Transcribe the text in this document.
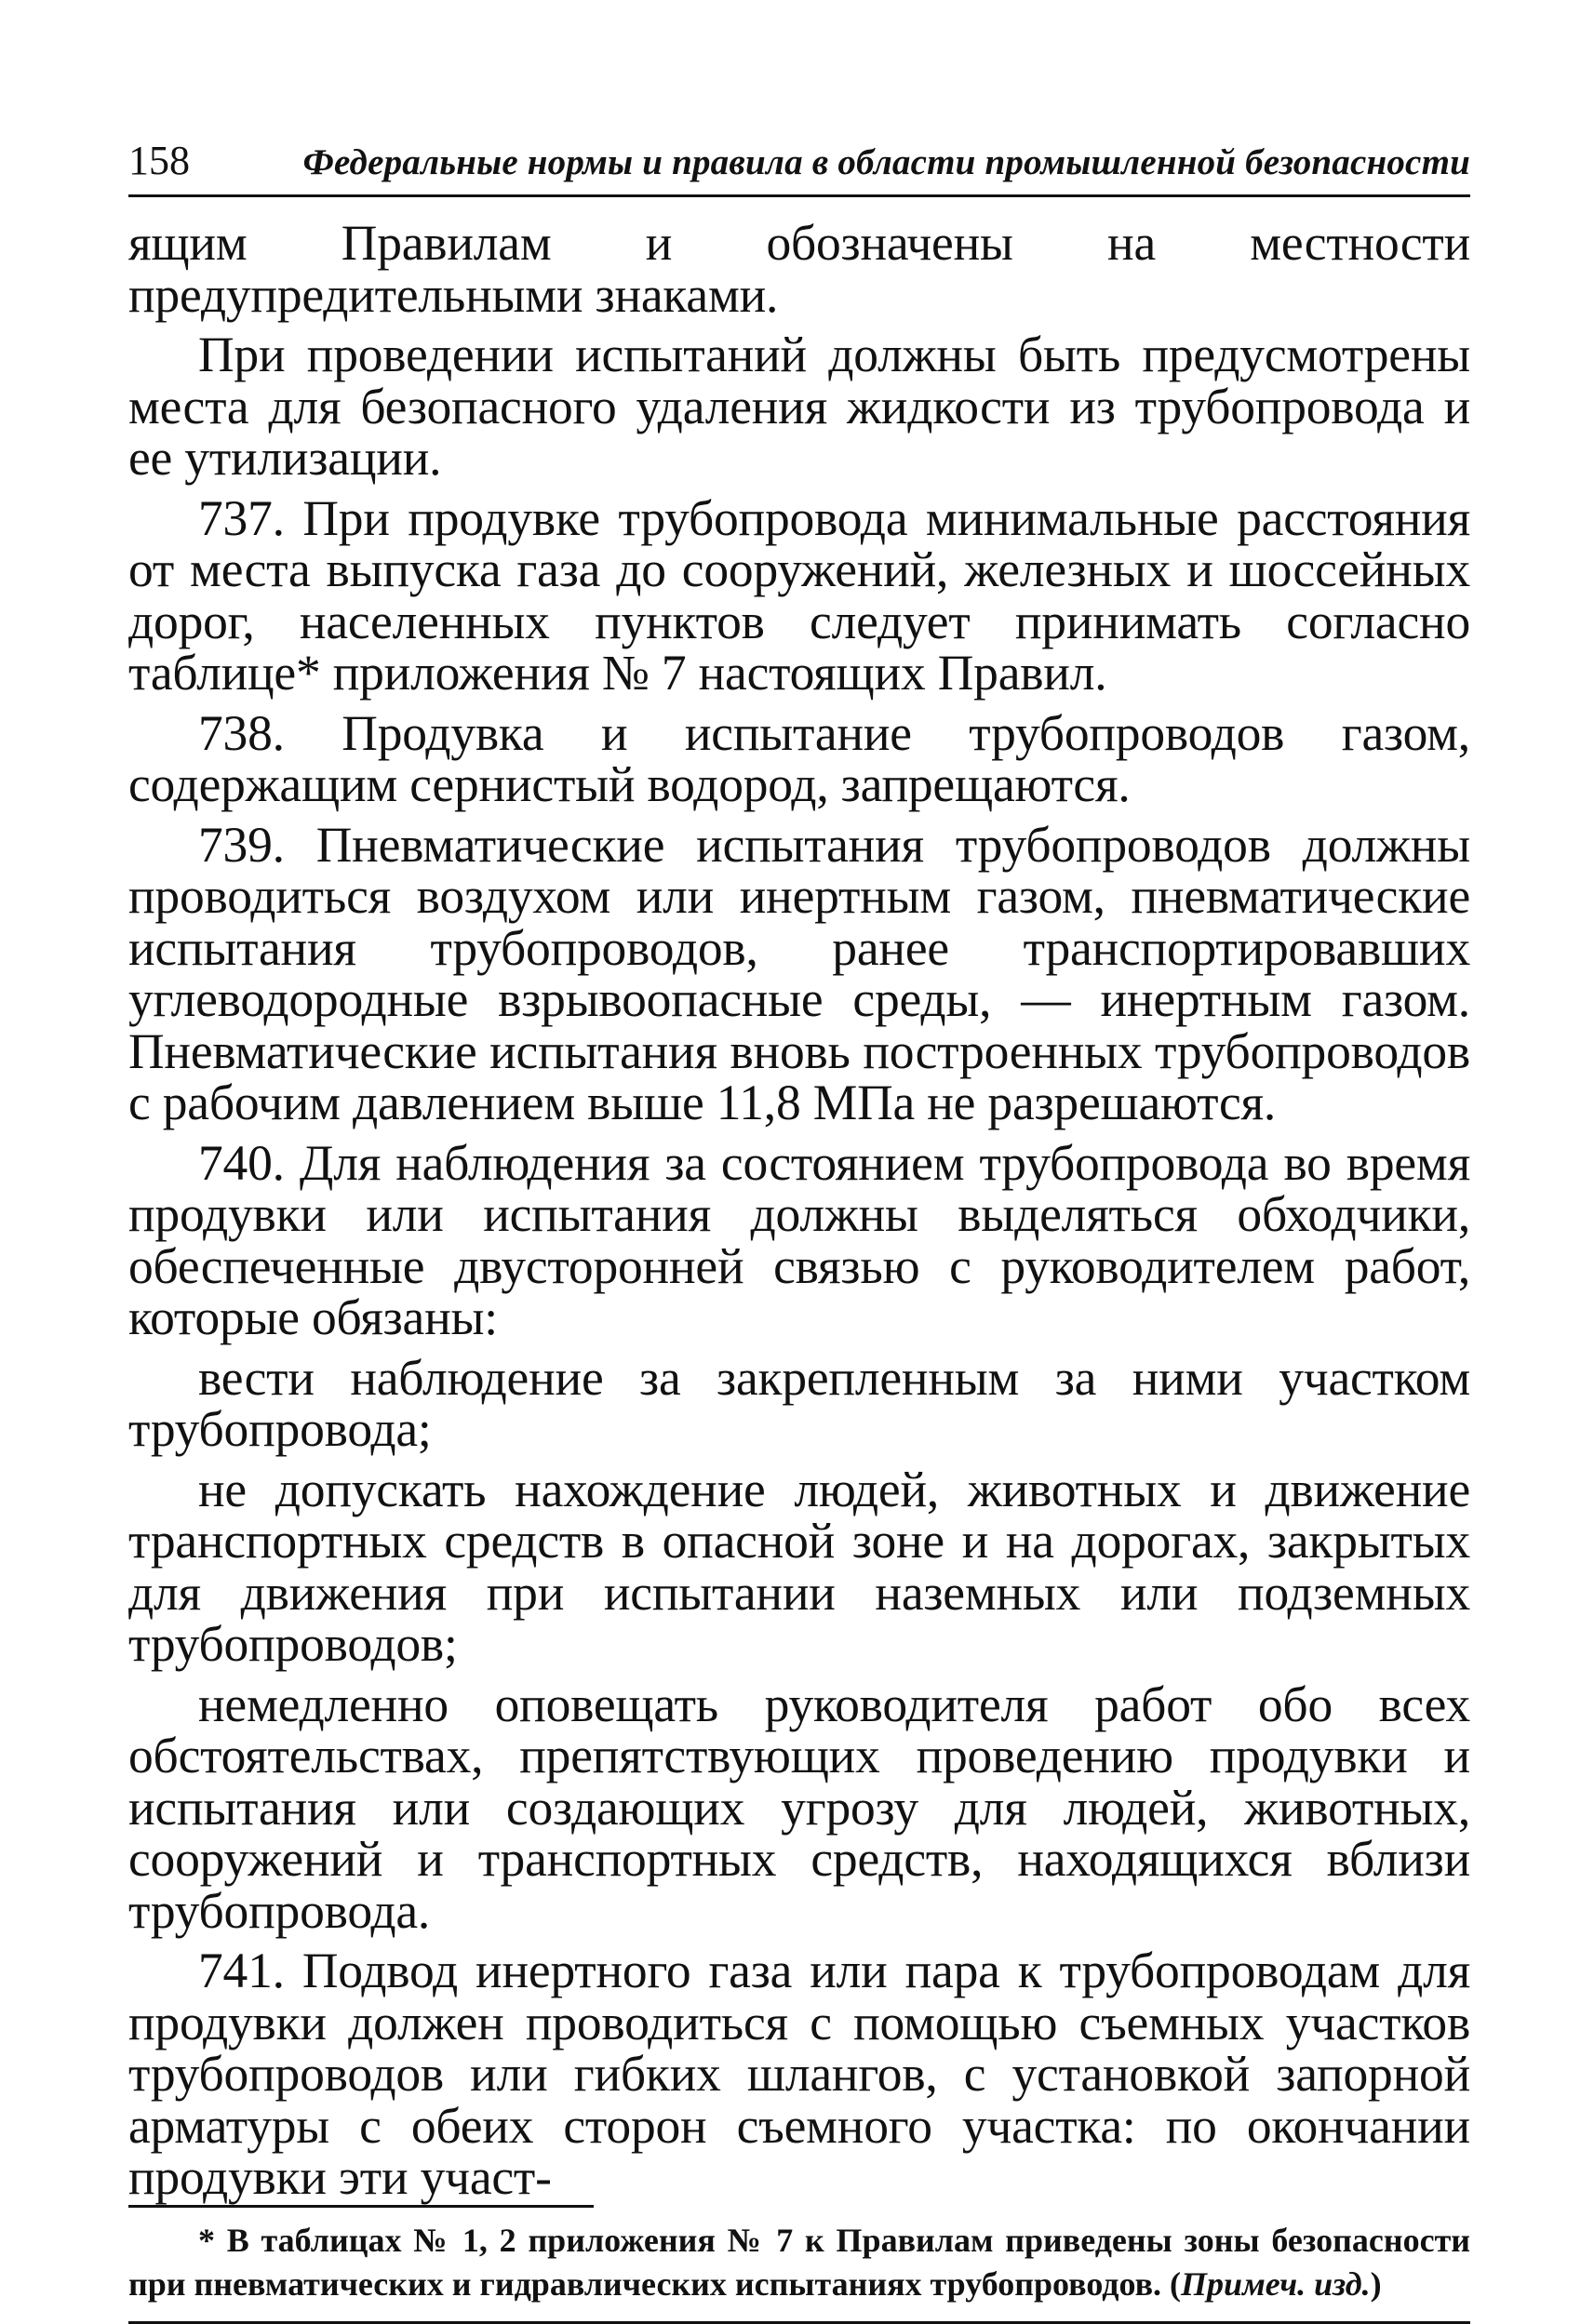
158	Федеральные нормы и правила в области промышленной безопасности

ящим Правилам и обозначены на местности предупредительными знаками.

При проведении испытаний должны быть предусмотрены места для безопасного удаления жидкости из трубопровода и ее утилизации.

737. При продувке трубопровода минимальные расстояния от места выпуска газа до сооружений, железных и шоссейных дорог, населенных пунктов следует принимать согласно таблице* приложения № 7 настоящих Правил.

738. Продувка и испытание трубопроводов газом, содержащим сернистый водород, запрещаются.

739. Пневматические испытания трубопроводов должны проводиться воздухом или инертным газом, пневматические испытания трубопроводов, ранее транспортировавших углеводородные взрывоопасные среды, — инертным газом. Пневматические испытания вновь построенных трубопроводов с рабочим давлением выше 11,8 МПа не разрешаются.

740. Для наблюдения за состоянием трубопровода во время продувки или испытания должны выделяться обходчики, обеспеченные двусторонней связью с руководителем работ, которые обязаны:

вести наблюдение за закрепленным за ними участком трубопровода;

не допускать нахождение людей, животных и движение транспортных средств в опасной зоне и на дорогах, закрытых для движения при испытании наземных или подземных трубопроводов;

немедленно оповещать руководителя работ обо всех обстоятельствах, препятствующих проведению продувки и испытания или создающих угрозу для людей, животных, сооружений и транспортных средств, находящихся вблизи трубопровода.

741. Подвод инертного газа или пара к трубопроводам для продувки должен проводиться с помощью съемных участков трубопроводов или гибких шлангов, с установкой запорной арматуры с обеих сторон съемного участка: по окончании продувки эти участ-

* В таблицах № 1, 2 приложения № 7 к Правилам приведены зоны безопасности при пневматических и гидравлических испытаниях трубопроводов. (Примеч. изд.)
